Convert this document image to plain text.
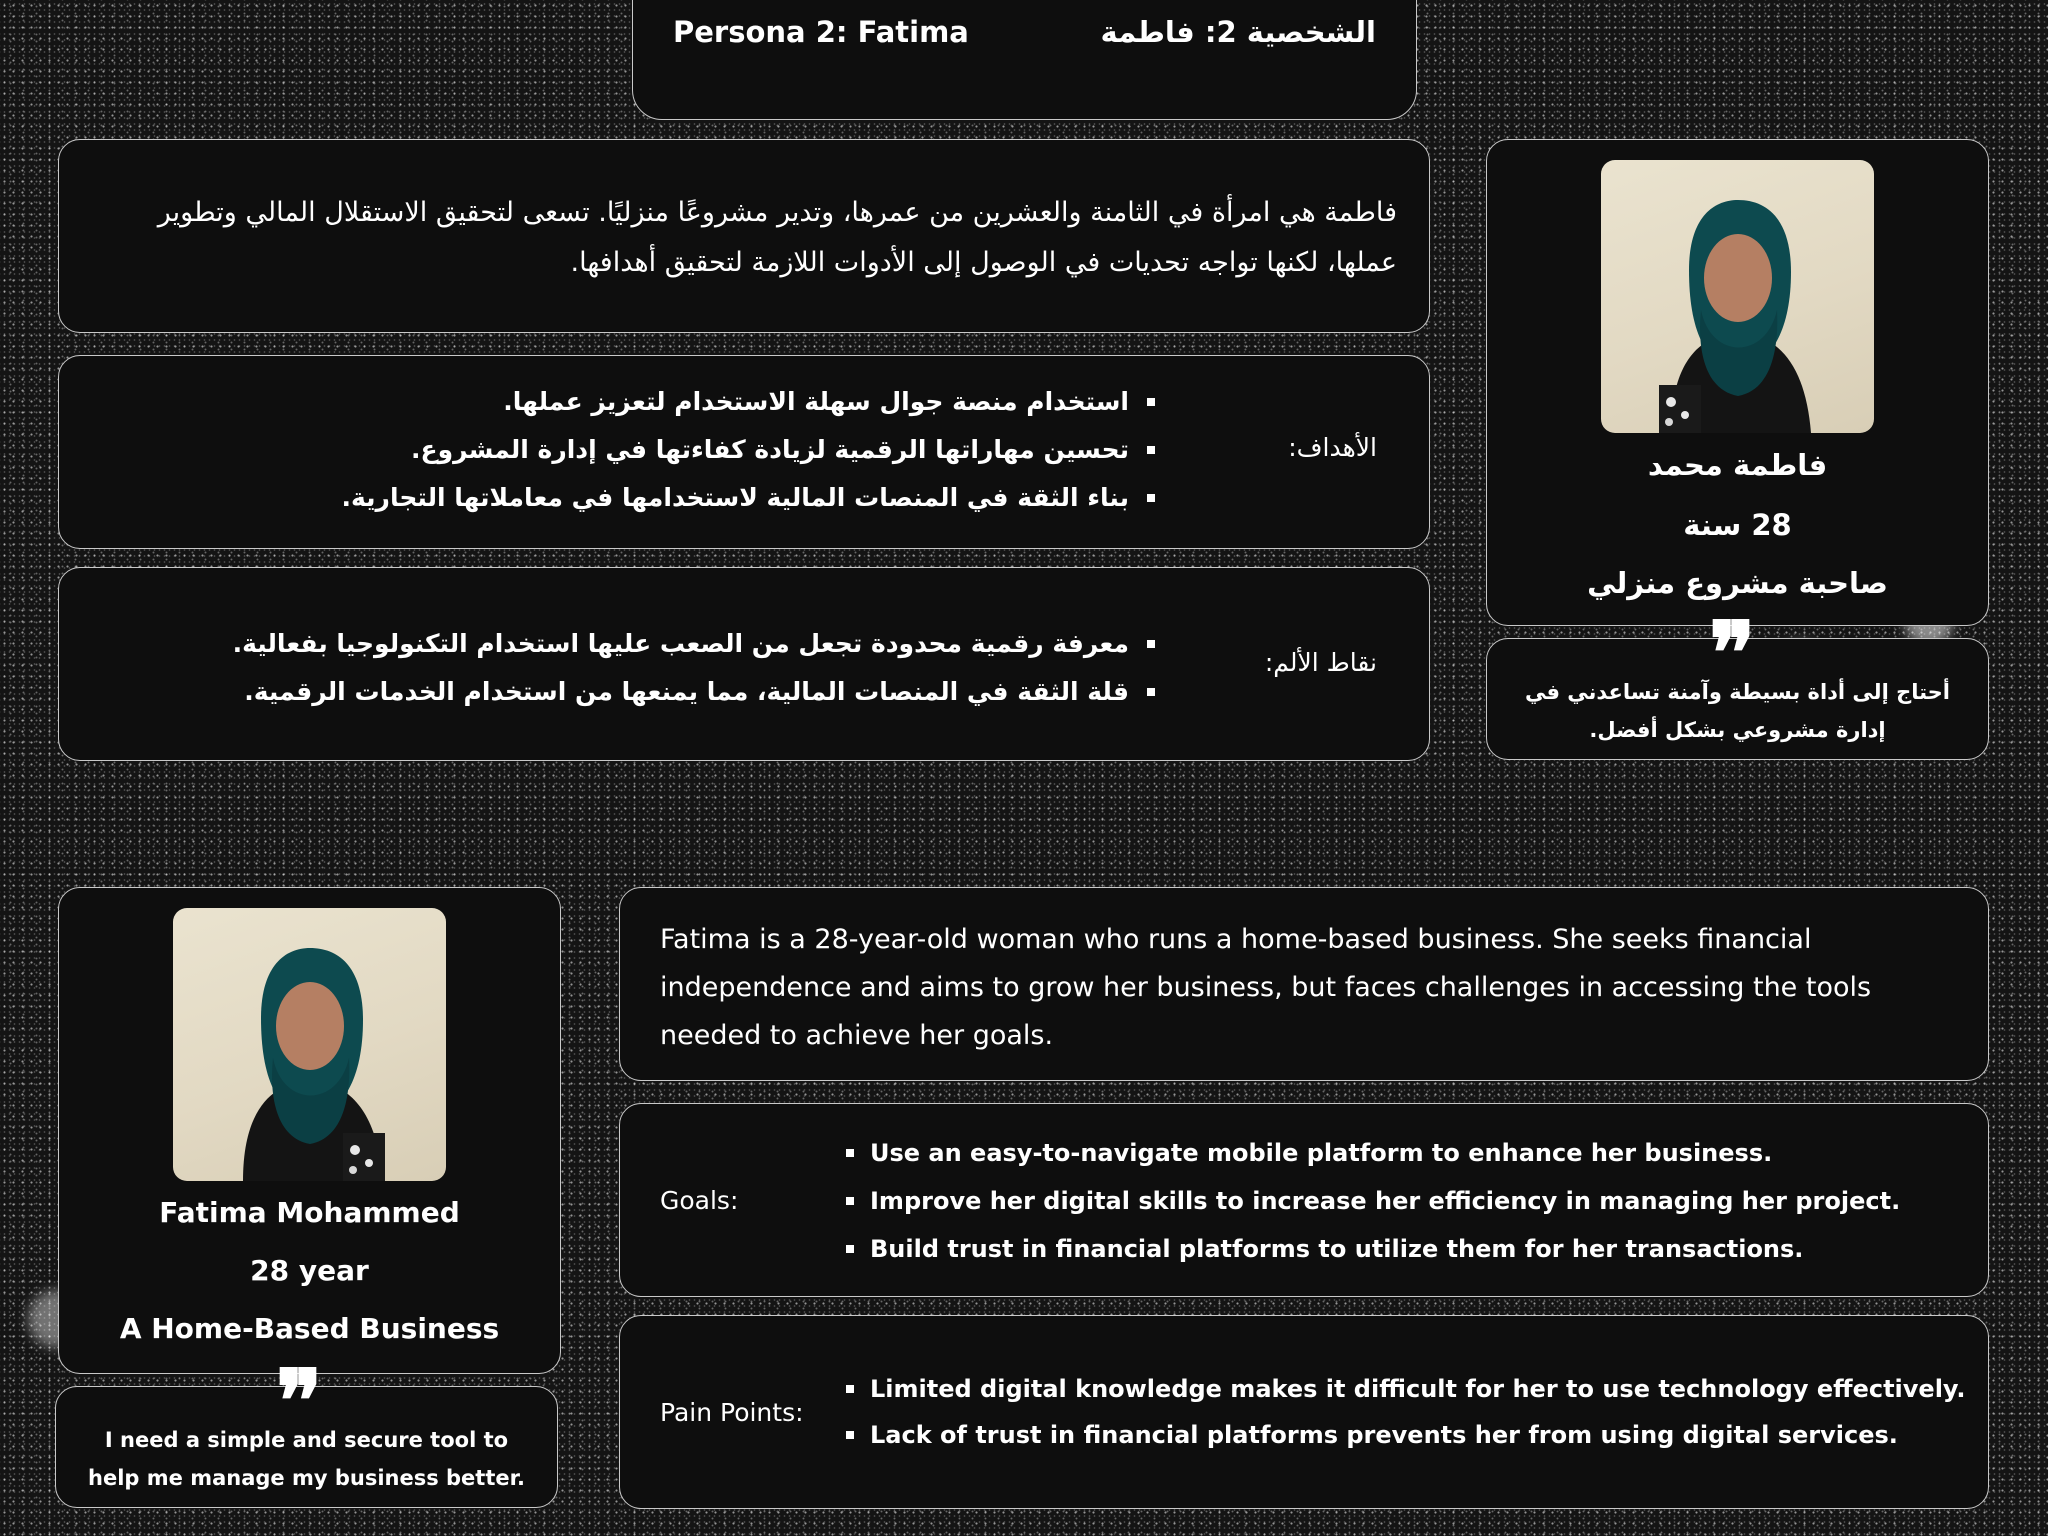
Persona 2: Fatima	الشخصية 2: فاطمة
فاطمة هي امرأة في الثامنة والعشرين من عمرها، وتدير مشروعًا منزليًا. تسعى لتحقيق الاستقلال المالي وتطوير عملها، لكنها تواجه تحديات في الوصول إلى الأدوات اللازمة لتحقيق أهدافها.
الأهداف:
استخدام منصة جوال سهلة الاستخدام لتعزيز عملها.
تحسين مهاراتها الرقمية لزيادة كفاءتها في إدارة المشروع.
بناء الثقة في المنصات المالية لاستخدامها في معاملاتها التجارية.
نقاط الألم:
معرفة رقمية محدودة تجعل من الصعب عليها استخدام التكنولوجيا بفعالية.
قلة الثقة في المنصات المالية، مما يمنعها من استخدام الخدمات الرقمية.
فاطمة محمد
28 سنة
صاحبة مشروع منزلي
❞
أحتاج إلى أداة بسيطة وآمنة تساعدني في إدارة مشروعي بشكل أفضل.
Fatima Mohammed
28 year
A Home-Based Business
❞
I need a simple and secure tool to help me manage my business better.
Fatima is a 28-year-old woman who runs a home-based business. She seeks financial independence and aims to grow her business, but faces challenges in accessing the tools needed to achieve her goals.
Goals:
Use an easy-to-navigate mobile platform to enhance her business.
Improve her digital skills to increase her efficiency in managing her project.
Build trust in financial platforms to utilize them for her transactions.
Pain Points:
Limited digital knowledge makes it difficult for her to use technology effectively.
Lack of trust in financial platforms prevents her from using digital services.
